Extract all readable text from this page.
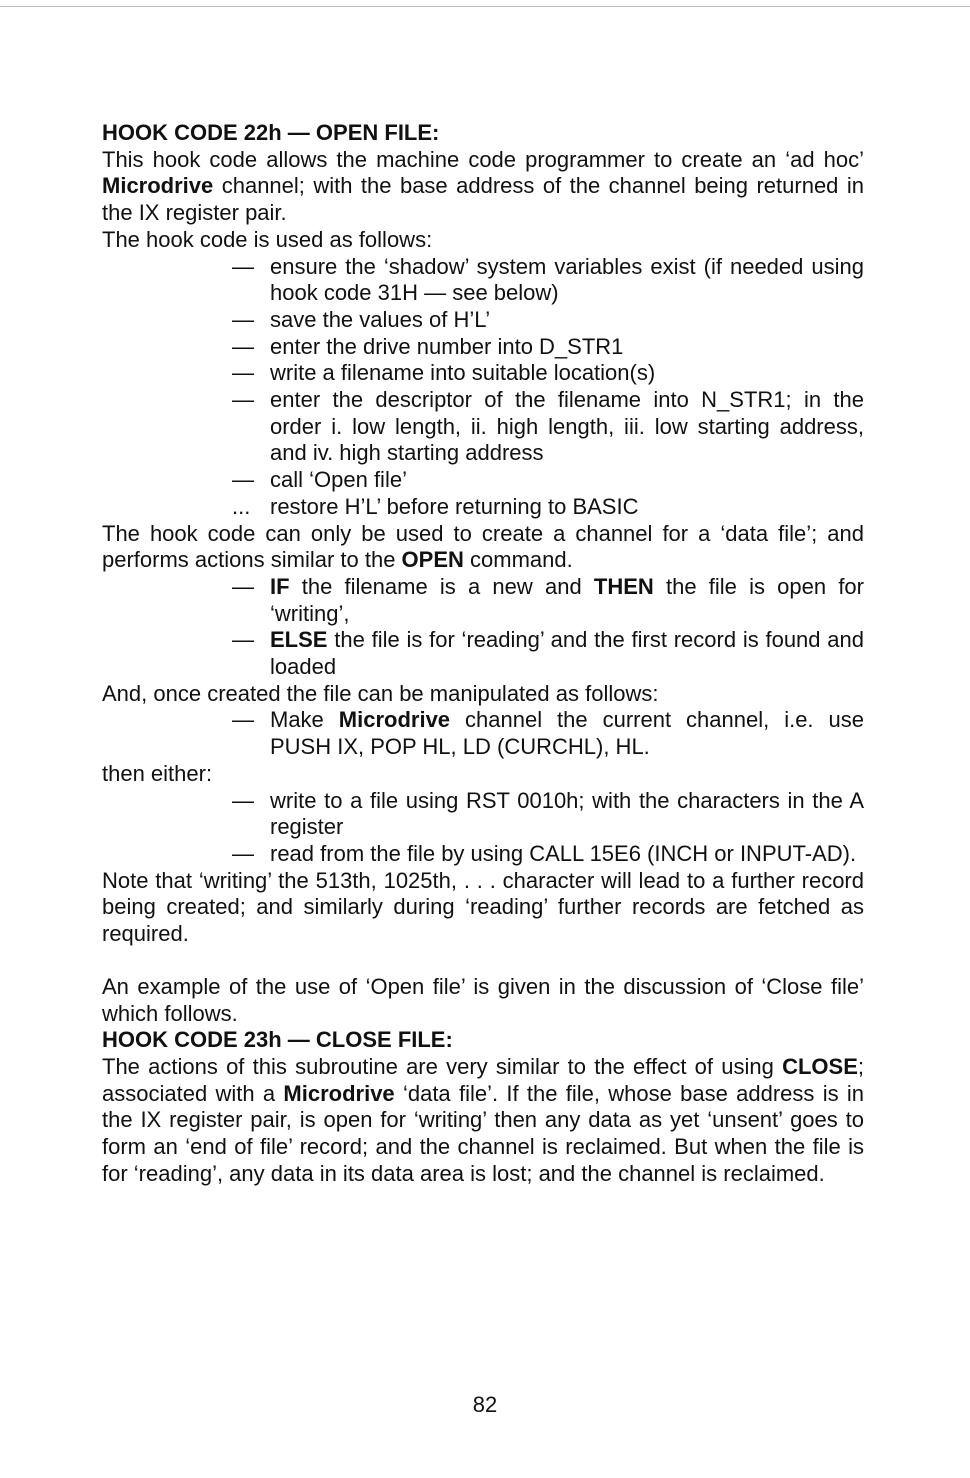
HOOK CODE 22h — OPEN FILE:

This hook code allows the machine code programmer to create an ‘ad hoc’ Microdrive channel; with the base address of the channel being returned in the IX register pair.

The hook code is used as follows:

— ensure the ‘shadow’ system variables exist (if needed using hook code 31H — see below)
— save the values of H’L’
— enter the drive number into D_STR1
— write a filename into suitable location(s)
— enter the descriptor of the filename into N_STR1; in the order i. low length, ii. high length, iii. low starting address, and iv. high starting address
— call ‘Open file’
... restore H’L’ before returning to BASIC

The hook code can only be used to create a channel for a ‘data file’; and performs actions similar to the OPEN command.

— IF the filename is a new and THEN the file is open for ‘writing’,
— ELSE the file is for ‘reading’ and the first record is found and loaded

And, once created the file can be manipulated as follows:

— Make Microdrive channel the current channel, i.e. use PUSH IX, POP HL, LD (CURCHL), HL.

then either:

— write to a file using RST 0010h; with the characters in the A register
— read from the file by using CALL 15E6 (INCH or INPUT-AD).

Note that ‘writing’ the 513th, 1025th, . . . character will lead to a further record being created; and similarly during ‘reading’ further records are fetched as required.

An example of the use of ‘Open file’ is given in the discussion of ‘Close file’ which follows.

HOOK CODE 23h — CLOSE FILE:

The actions of this subroutine are very similar to the effect of using CLOSE; associated with a Microdrive ‘data file’. If the file, whose base address is in the IX register pair, is open for ‘writing’ then any data as yet ‘unsent’ goes to form an ‘end of file’ record; and the channel is reclaimed. But when the file is for ‘reading’, any data in its data area is lost; and the channel is reclaimed.

82
